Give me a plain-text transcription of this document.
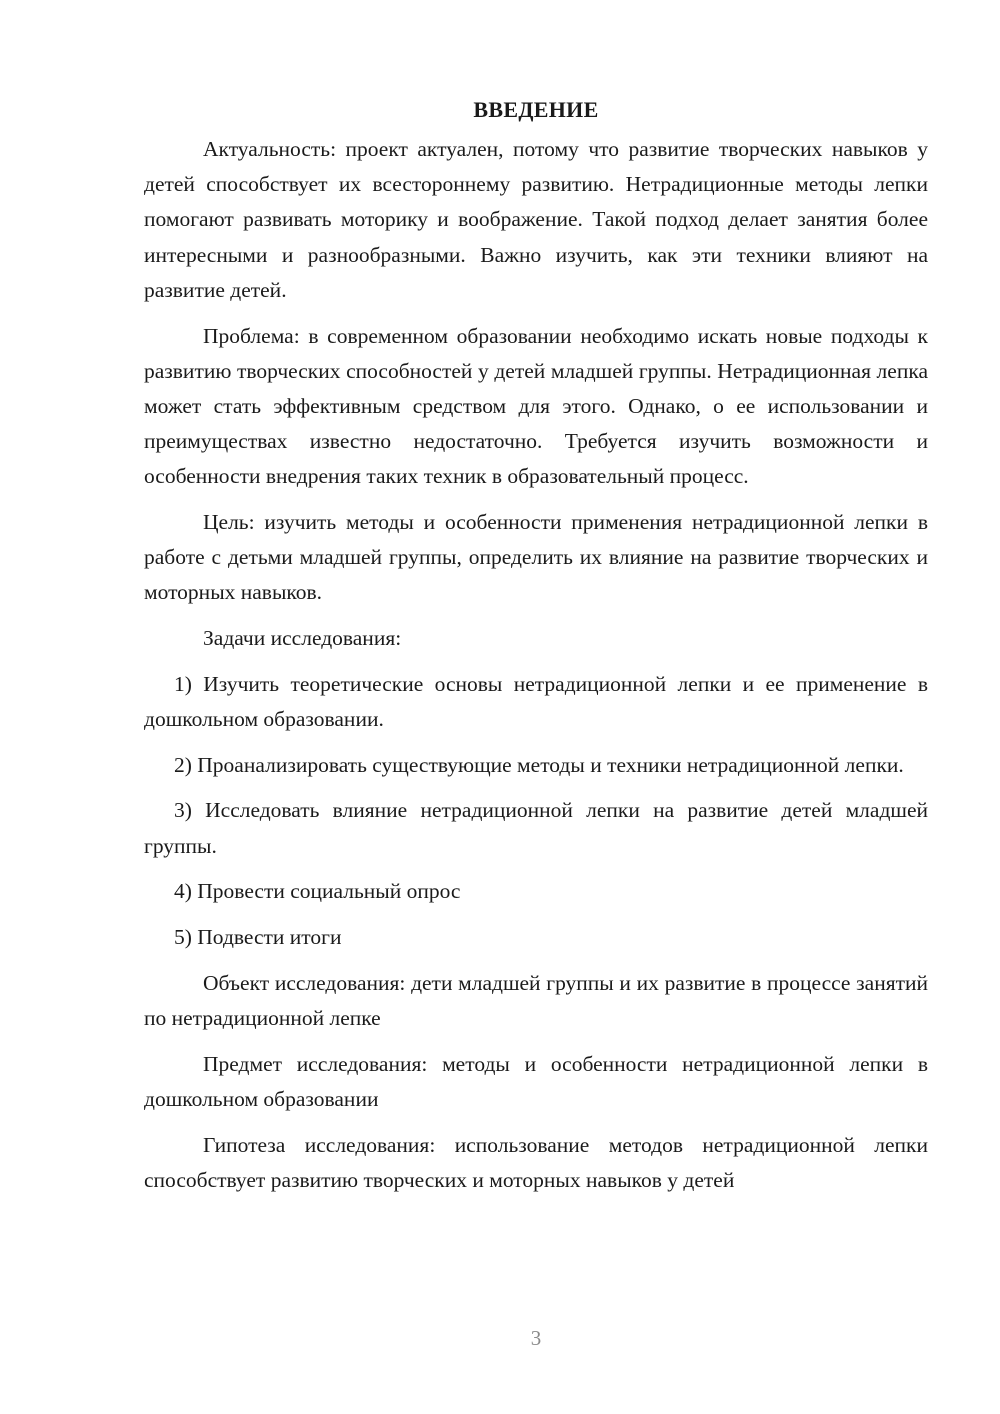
ВВЕДЕНИЕ

Актуальность: проект актуален, потому что развитие творческих навыков у детей способствует их всестороннему развитию. Нетрадиционные методы лепки помогают развивать моторику и воображение. Такой подход делает занятия более интересными и разнообразными. Важно изучить, как эти техники влияют на развитие детей.

Проблема: в современном образовании необходимо искать новые подходы к развитию творческих способностей у детей младшей группы. Нетрадиционная лепка может стать эффективным средством для этого. Однако, о ее использовании и преимуществах известно недостаточно. Требуется изучить возможности и особенности внедрения таких техник в образовательный процесс.

Цель: изучить методы и особенности применения нетрадиционной лепки в работе с детьми младшей группы, определить их влияние на развитие творческих и моторных навыков.

Задачи исследования:

1) Изучить теоретические основы нетрадиционной лепки и ее применение в дошкольном образовании.

2) Проанализировать существующие методы и техники нетрадиционной лепки.

3) Исследовать влияние нетрадиционной лепки на развитие детей младшей группы.

4) Провести социальный опрос

5) Подвести итоги

Объект исследования: дети младшей группы и их развитие в процессе занятий по нетрадиционной лепке

Предмет исследования: методы и особенности нетрадиционной лепки в дошкольном образовании

Гипотеза исследования: использование методов нетрадиционной лепки способствует развитию творческих и моторных навыков у детей

3
